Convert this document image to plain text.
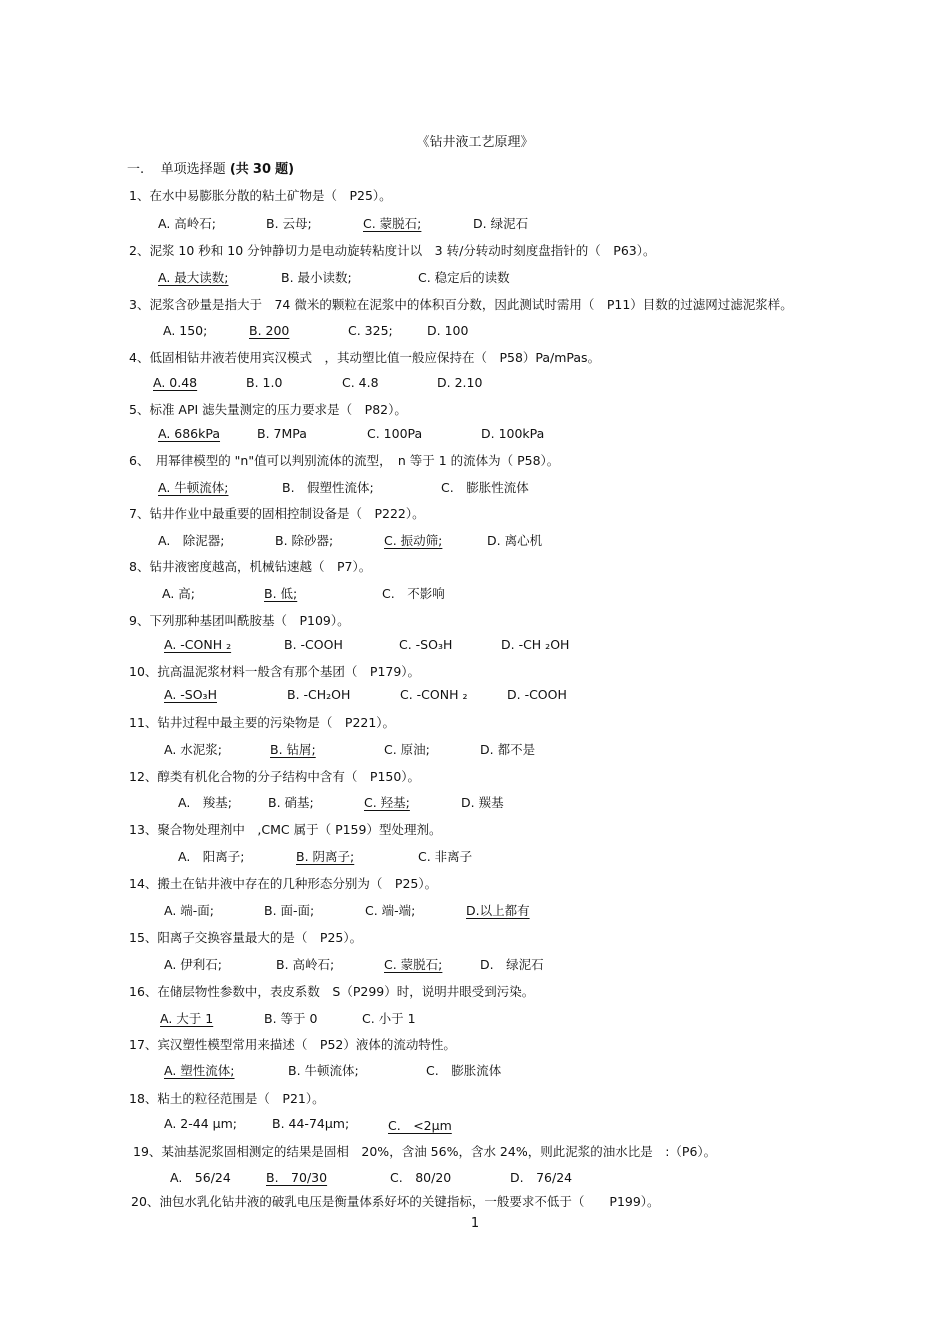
《钻井液工艺原理》
一. 单项选择题 (共 30 题)
1、在水中易膨胀分散的粘土矿物是（　P25）。
A. 高岭石;	B. 云母;	C. 蒙脱石;	D. 绿泥石
2、泥浆 10 秒和 10 分钟静切力是电动旋转粘度计以　3 转/分转动时刻度盘指针的（　P63）。
A. 最大读数;	B. 最小读数;	C. 稳定后的读数
3、泥浆含砂量是指大于　74 微米的颗粒在泥浆中的体积百分数，因此测试时需用（　P11）目数的过滤网过滤泥浆样。
A. 150;	B. 200	C. 325;	D. 100
4、低固相钻井液若使用宾汉模式　，其动塑比值一般应保持在（　P58）Pa/mPas。
A. 0.48	B. 1.0	C. 4.8	D. 2.10
5、标准 API 滤失量测定的压力要求是（　P82）。
A. 686kPa	B. 7MPa	C. 100Pa	D. 100kPa
6、　用幂律模型的 "n"值可以判别流体的流型，　n 等于 1 的流体为（ P58）。
A. 牛顿流体;	B.　假塑性流体;	C.　膨胀性流体
7、钻井作业中最重要的固相控制设备是（　P222）。
A.　除泥器;	B. 除砂器;	C. 振动筛;	D. 离心机
8、钻井液密度越高，机械钻速越（　P7）。
A. 高;	B. 低;	C.　不影响
9、下列那种基团叫酰胺基（　P109）。
A. -CONH ₂	B. -COOH	C. -SO₃H	D. -CH ₂OH
10、抗高温泥浆材料一般含有那个基团（　P179）。
A. -SO₃H	B. -CH₂OH	C. -CONH ₂	D. -COOH
11、钻井过程中最主要的污染物是（　P221）。
A. 水泥浆;	B. 钻屑;	C. 原油;	D. 都不是
12、醇类有机化合物的分子结构中含有（　P150）。
A.　羧基;	B. 硝基;	C. 羟基;	D. 羰基
13、聚合物处理剂中　,CMC 属于（ P159）型处理剂。
A.　阳离子;	B. 阴离子;	C. 非离子
14、搬土在钻井液中存在的几种形态分别为（　P25）。
A. 端-面;	B. 面-面;	C. 端-端;	D.以上都有
15、阳离子交换容量最大的是（　P25）。
A. 伊利石;	B. 高岭石;	C. 蒙脱石;	D.　绿泥石
16、在储层物性参数中，表皮系数　S（P299）时，说明井眼受到污染。
A. 大于 1	B. 等于 0	C. 小于 1
17、宾汉塑性模型常用来描述（　P52）液体的流动特性。
A. 塑性流体;	B. 牛顿流体;	C.　膨胀流体
18、粘土的粒径范围是（　P21）。
A. 2-44 μm;	B. 44-74μm;	C.　<2μm
19、某油基泥浆固相测定的结果是固相　20%，含油 56%，含水 24%，则此泥浆的油水比是　:（P6）。
A.　56/24	B.　70/30	C.　80/20	D.　76/24
20、油包水乳化钻井液的破乳电压是衡量体系好坏的关键指标，一般要求不低于（　　P199）。
1
